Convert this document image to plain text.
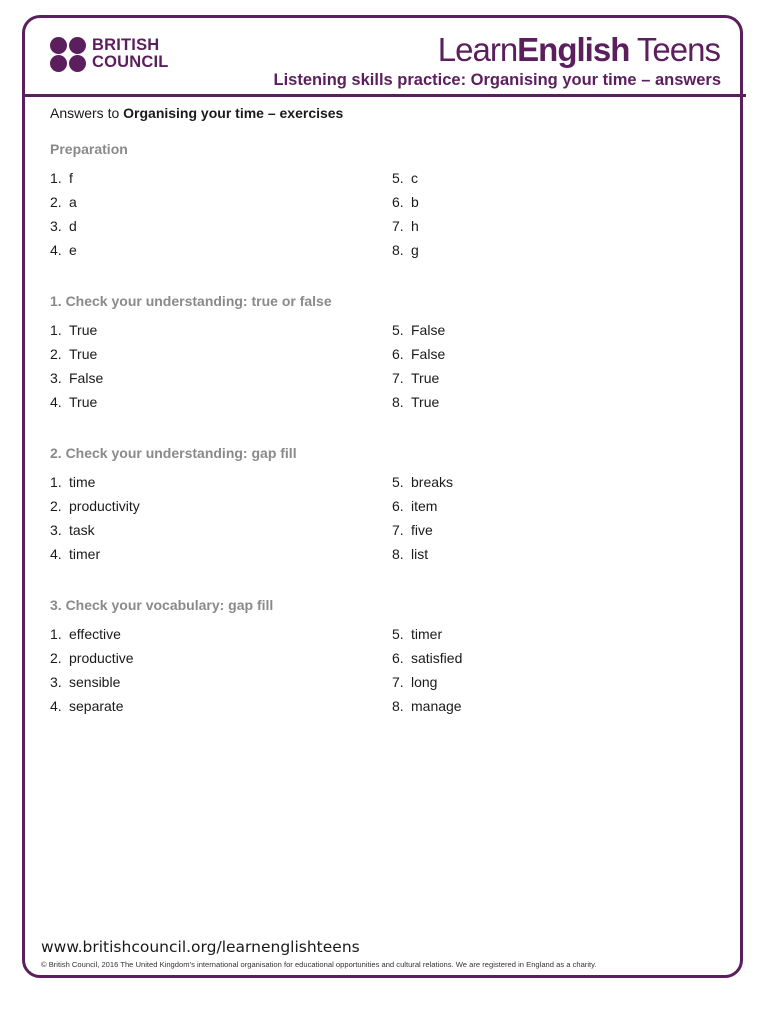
BRITISH
COUNCIL	LearnEnglish Teens
Listening skills practice: Organising your time – answers
Answers to Organising your time – exercises
Preparation
1. f
2. a
3. d
4. e
5. c
6. b
7. h
8. g
1. Check your understanding: true or false
1. True
2. True
3. False
4. True
5. False
6. False
7. True
8. True
2. Check your understanding: gap fill
1. time
2. productivity
3. task
4. timer
5. breaks
6. item
7. five
8. list
3. Check your vocabulary: gap fill
1. effective
2. productive
3. sensible
4. separate
5. timer
6. satisfied
7. long
8. manage
www.britishcouncil.org/learnenglishteens
© British Council, 2016 The United Kingdom’s international organisation for educational opportunities and cultural relations. We are registered in England as a charity.
